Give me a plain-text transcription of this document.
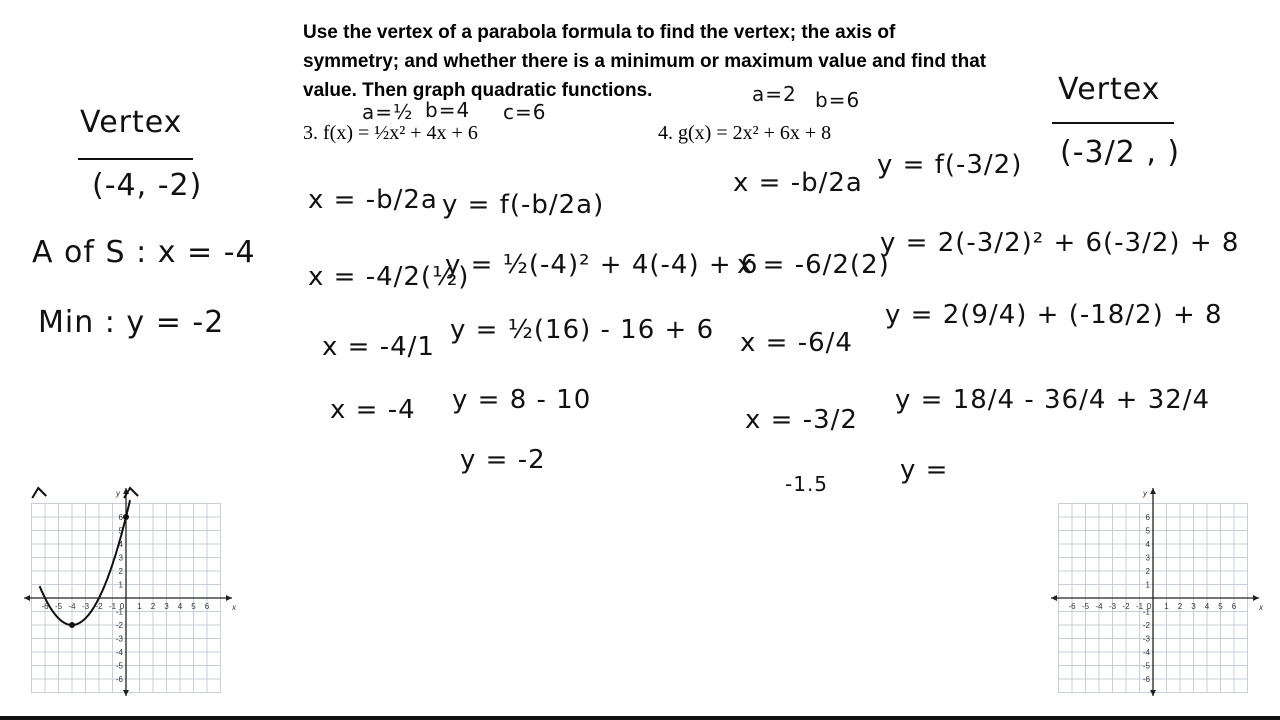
Use the vertex of a parabola formula to find the vertex; the axis of symmetry; and whether there is a minimum or maximum value and find that value. Then graph quadratic functions.
3. f(x) = ½x² + 4x + 6	4. g(x) = 2x² + 6x + 8
a=½ b=4 c=6
a=2 b=6
x = -b/2a
x = -4/2(½)
x = -4/1
x = -4
y = f(-b/2a)
y = ½(-4)² + 4(-4) + 6
y = ½(16) - 16 + 6
y = 8 - 10
y = -2
Vertex
(-4, -2)
A of S : x = -4
Min : y = -2
x = -b/2a
x = -6/2(2)
x = -6/4
x = -3/2
-1.5
y = f(-3/2)
y = 2(-3/2)² + 6(-3/2) + 8
y = 2(9/4) + (-18/2) + 8
y = 18/4 - 36/4 + 32/4
y =
Vertex
(-3/2 , )
-6 -5 -4 -3 -2 -1 0 1 2 3 4 5 6
6
5
4
3
2
1
-1
-2
-3
-4
-5
-6
x
y
-6 -5 -4 -3 -2 -1 0 1 2 3 4 5 6
6
5
4
3
2
1
-1
-2
-3
-4
-5
-6
x
y
